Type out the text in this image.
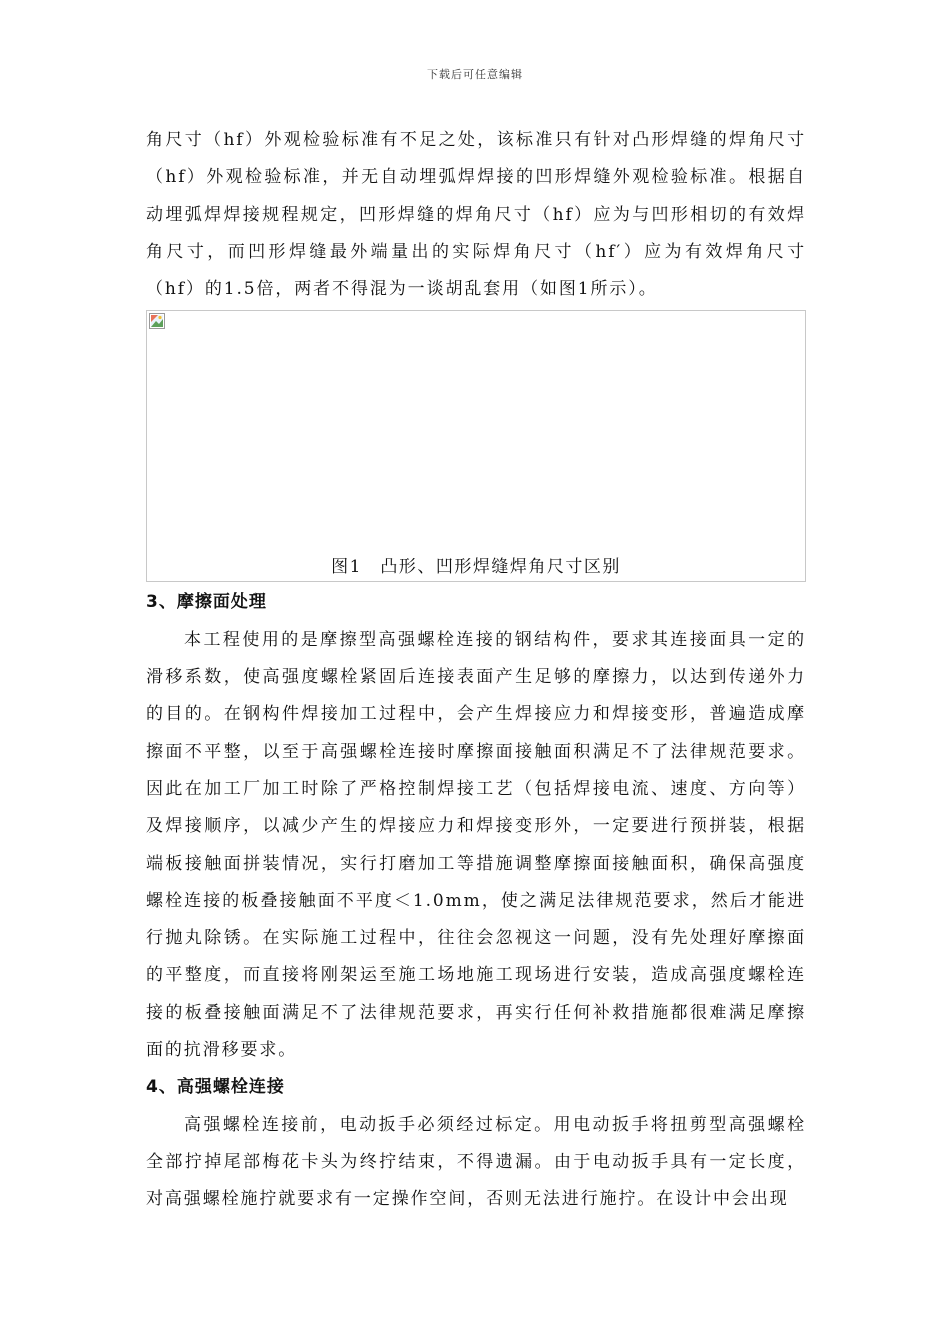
下载后可任意编辑

角尺寸（hf）外观检验标准有不足之处，该标准只有针对凸形焊缝的焊角尺寸（hf）外观检验标准，并无自动埋弧焊焊接的凹形焊缝外观检验标准。根据自动埋弧焊焊接规程规定，凹形焊缝的焊角尺寸（hf）应为与凹形相切的有效焊角尺寸，而凹形焊缝最外端量出的实际焊角尺寸（hf′）应为有效焊角尺寸（hf）的1.5倍，两者不得混为一谈胡乱套用（如图1所示）。

图1　凸形、凹形焊缝焊角尺寸区别

3、摩擦面处理

本工程使用的是摩擦型高强螺栓连接的钢结构件，要求其连接面具一定的滑移系数，使高强度螺栓紧固后连接表面产生足够的摩擦力，以达到传递外力的目的。在钢构件焊接加工过程中，会产生焊接应力和焊接变形，普遍造成摩擦面不平整，以至于高强螺栓连接时摩擦面接触面积满足不了法律规范要求。因此在加工厂加工时除了严格控制焊接工艺（包括焊接电流、速度、方向等）及焊接顺序，以减少产生的焊接应力和焊接变形外，一定要进行预拼装，根据端板接触面拼装情况，实行打磨加工等措施调整摩擦面接触面积，确保高强度螺栓连接的板叠接触面不平度＜1.0mm，使之满足法律规范要求，然后才能进行抛丸除锈。在实际施工过程中，往往会忽视这一问题，没有先处理好摩擦面的平整度，而直接将刚架运至施工场地施工现场进行安装，造成高强度螺栓连接的板叠接触面满足不了法律规范要求，再实行任何补救措施都很难满足摩擦面的抗滑移要求。

4、高强螺栓连接

高强螺栓连接前，电动扳手必须经过标定。用电动扳手将扭剪型高强螺栓全部拧掉尾部梅花卡头为终拧结束，不得遗漏。由于电动扳手具有一定长度，对高强螺栓施拧就要求有一定操作空间，否则无法进行施拧。在设计中会出现
